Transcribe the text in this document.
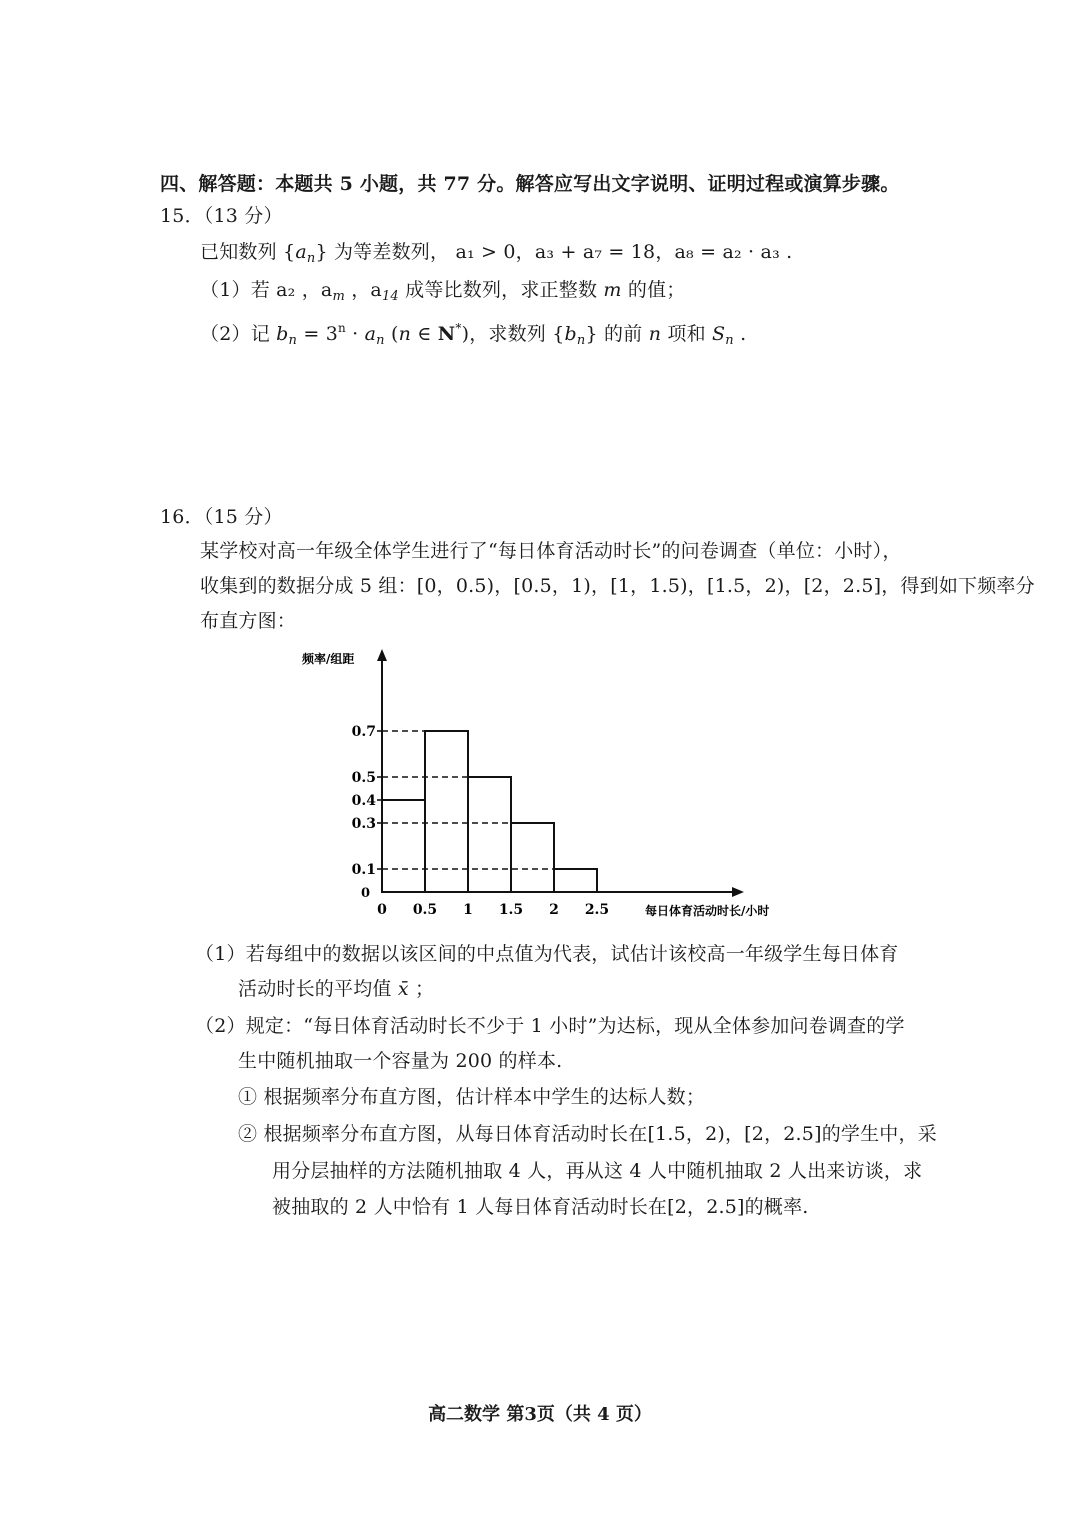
四、解答题：本题共 5 小题，共 77 分。解答应写出文字说明、证明过程或演算步骤。
15．（13 分）
已知数列 $\{a_n\}$ 为等差数列， a₁ > 0，a₃ + a₇ = 18，a₈ = a₂ · a₃ .
（1）若 a₂ ，$a_m$ ，$a_{14}$ 成等比数列，求正整数 m 的值；
（2）记 $b_n = 3^n \cdot a_n$ (n ∈ N*)，求数列 $\{b_n\}$ 的前 n 项和 $S_n$ .
16．（15 分）
某学校对高一年级全体学生进行了“每日体育活动时长”的问卷调查（单位：小时），
收集到的数据分成 5 组：[0，0.5)，[0.5，1)，[1，1.5)，[1.5，2)，[2，2.5]，得到如下频率分
布直方图：
频率/组距
每日体育活动时长/小时
0
0.1
0.3
0.4
0.5
0.7
0 0.5 1 1.5 2 2.5
（1）若每组中的数据以该区间的中点值为代表，试估计该校高一年级学生每日体育
活动时长的平均值 x̄ ；
（2）规定：“每日体育活动时长不少于 1 小时”为达标，现从全体参加问卷调查的学
生中随机抽取一个容量为 200 的样本.
① 根据频率分布直方图，估计样本中学生的达标人数；
② 根据频率分布直方图，从每日体育活动时长在[1.5，2)，[2，2.5]的学生中，采
用分层抽样的方法随机抽取 4 人，再从这 4 人中随机抽取 2 人出来访谈，求
被抽取的 2 人中恰有 1 人每日体育活动时长在[2，2.5]的概率.
高二数学 第3页（共 4 页）
